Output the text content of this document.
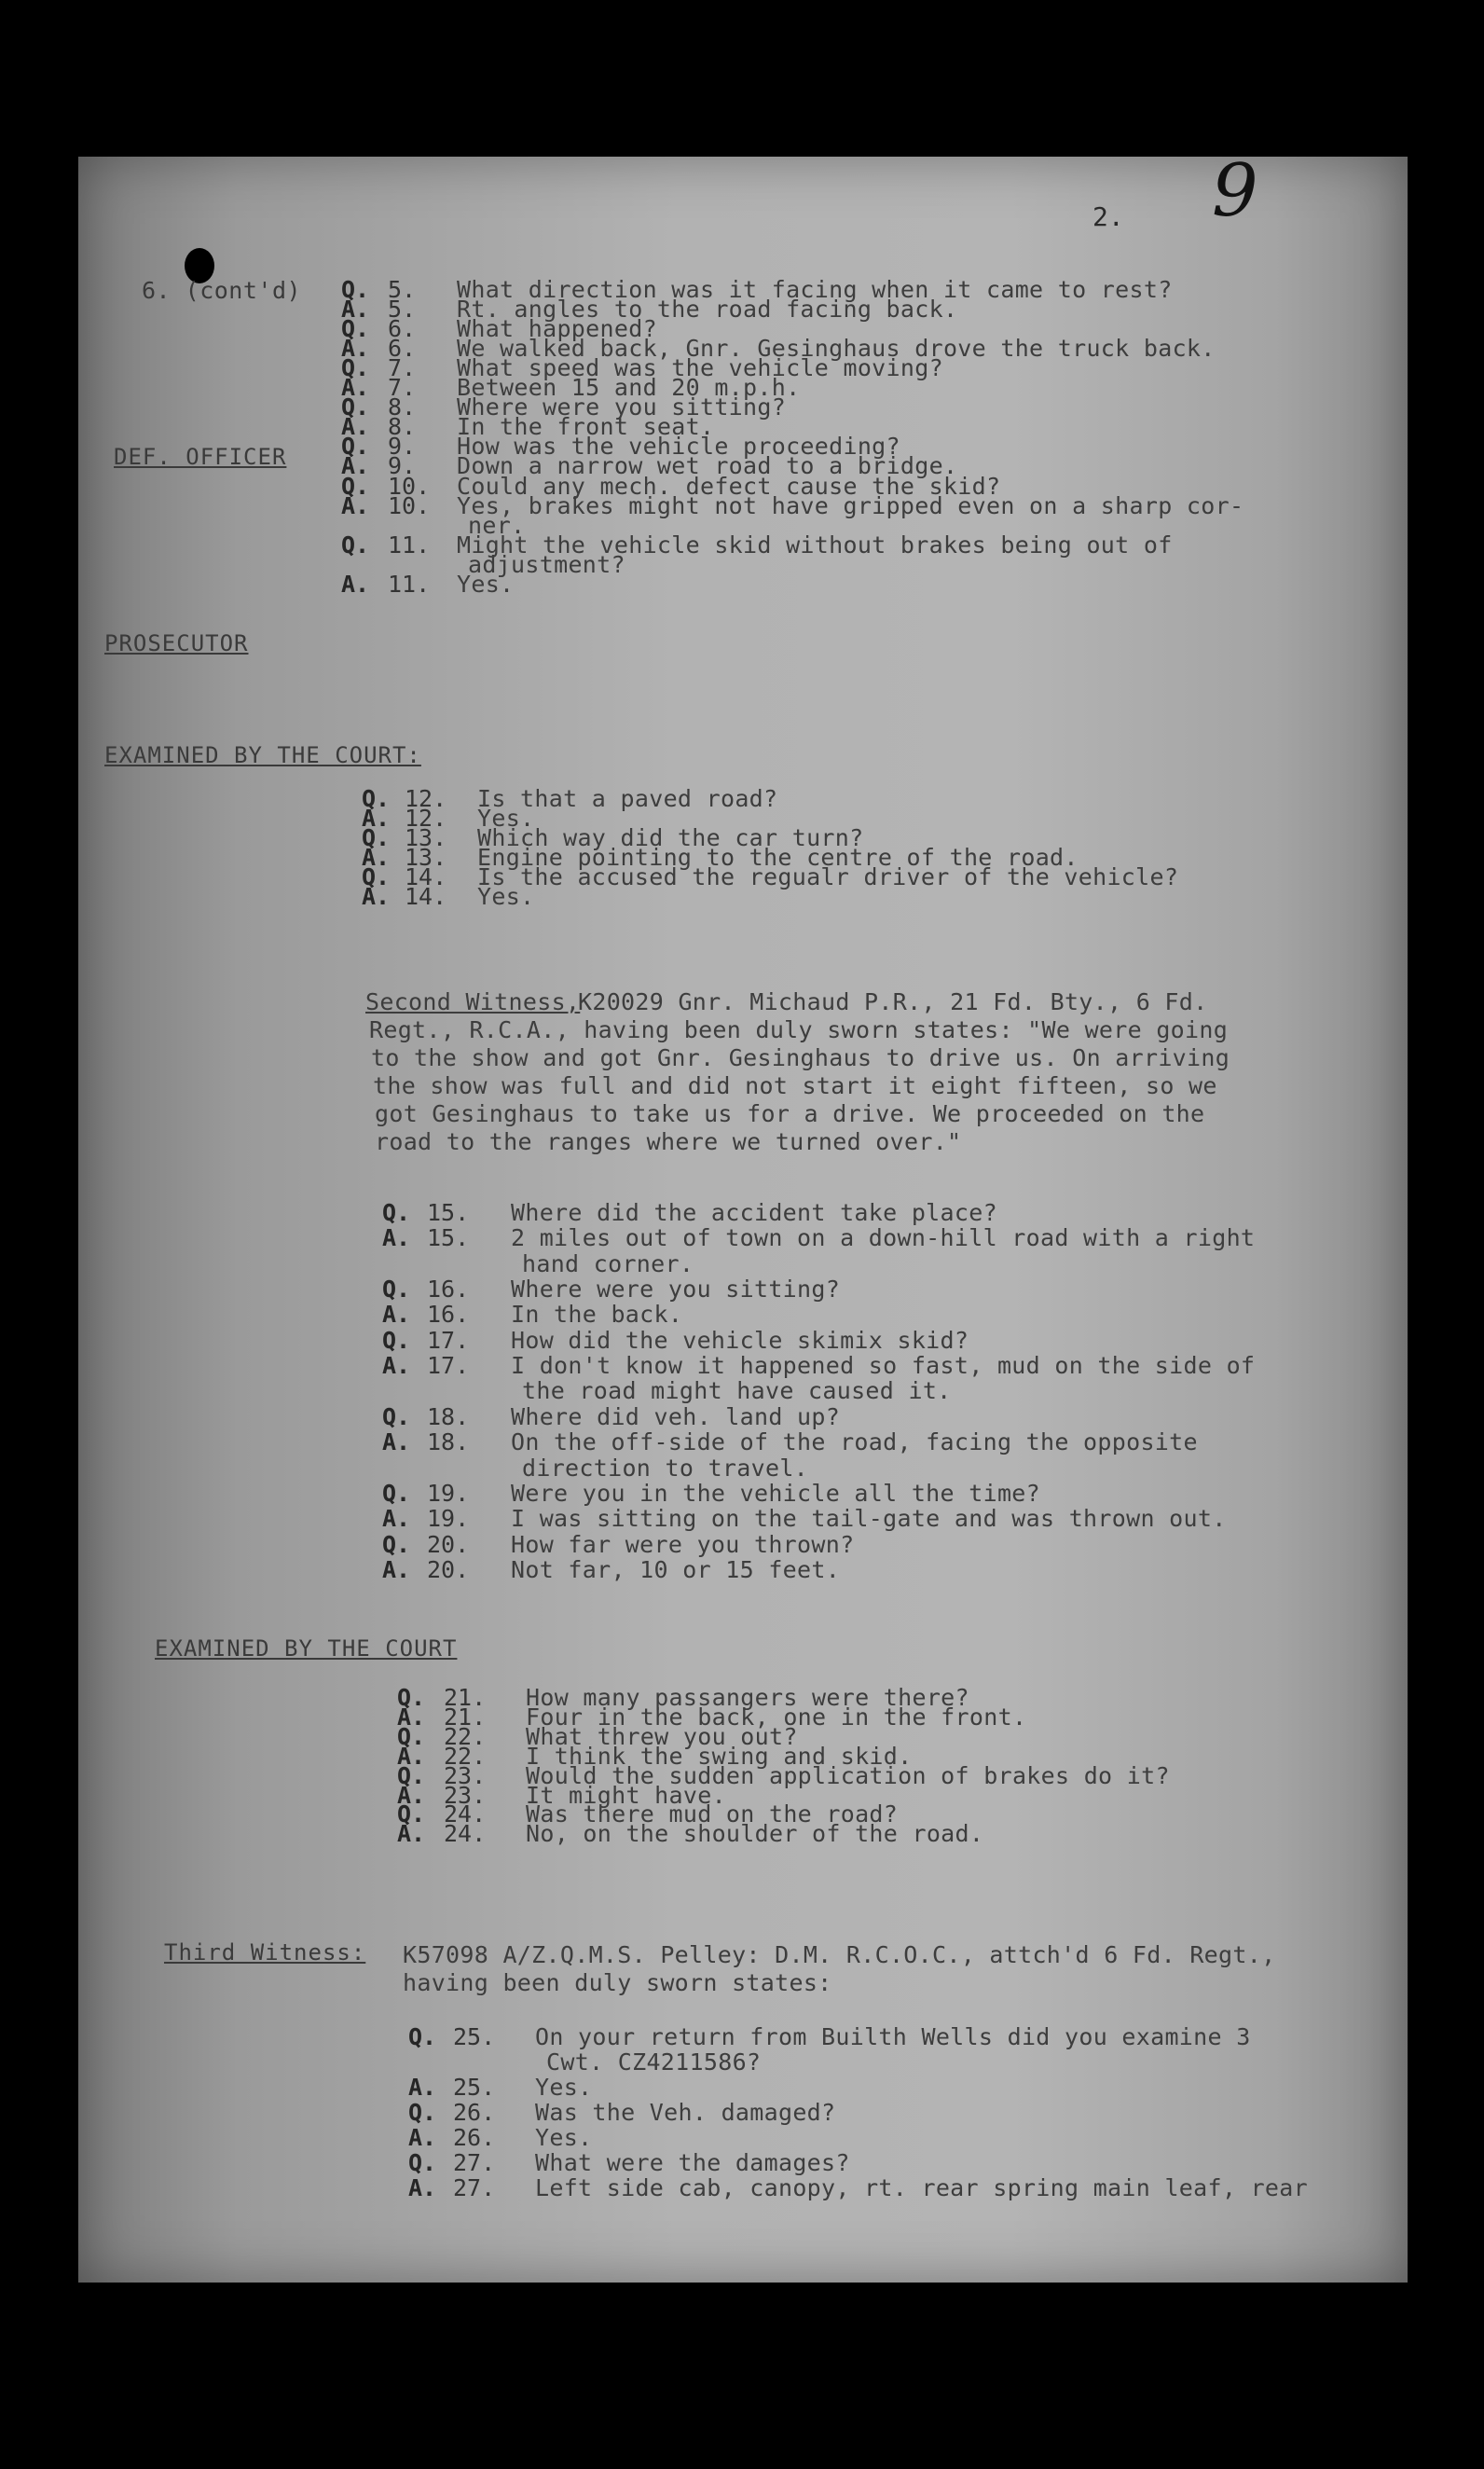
2. 9
6. (cont'd)
DEF. OFFICER
PROSECUTOR
EXAMINED BY THE COURT:
EXAMINED BY THE COURT
Third Witness:
Second Witness,
K20029 Gnr. Michaud P.R., 21 Fd. Bty., 6 Fd.
Regt., R.C.A., having been duly sworn states: "We were going
to the show and got Gnr. Gesinghaus to drive us. On arriving
the show was full and did not start it eight fifteen, so we
got Gesinghaus to take us for a drive. We proceeded on the
road to the ranges where we turned over."
K57098 A/Z.Q.M.S. Pelley: D.M. R.C.O.C., attch'd 6 Fd. Regt.,
having been duly sworn states:
Q. 5. What direction was it facing when it came to rest?
A. 5. Rt. angles to the road facing back.
Q. 6. What happened?
A. 6. We walked back, Gnr. Gesinghaus drove the truck back.
Q. 7. What speed was the vehicle moving?
A. 7. Between 15 and 20 m.p.h.
Q. 8. Where were you sitting?
A. 8. In the front seat.
Q. 9. How was the vehicle proceeding?
A. 9. Down a narrow wet road to a bridge.
Q. 10. Could any mech. defect cause the skid?
A. 10. Yes, brakes might not have gripped even on a sharp cor-
ner.
Q. 11. Might the vehicle skid without brakes being out of
adjustment?
A. 11. Yes.
Q. 12. Is that a paved road?
A. 12. Yes.
Q. 13. Which way did the car turn?
A. 13. Engine pointing to the centre of the road.
Q. 14. Is the accused the regualr driver of the vehicle?
A. 14. Yes.
Q. 15. Where did the accident take place?
A. 15. 2 miles out of town on a down-hill road with a right
hand corner.
Q. 16. Where were you sitting?
A. 16. In the back.
Q. 17. How did the vehicle skimix skid?
A. 17. I don't know it happened so fast, mud on the side of
the road might have caused it.
Q. 18. Where did veh. land up?
A. 18. On the off-side of the road, facing the opposite
direction to travel.
Q. 19. Were you in the vehicle all the time?
A. 19. I was sitting on the tail-gate and was thrown out.
Q. 20. How far were you thrown?
A. 20. Not far, 10 or 15 feet.
Q. 21. How many passangers were there?
A. 21. Four in the back, one in the front.
Q. 22. What threw you out?
A. 22. I think the swing and skid.
Q. 23. Would the sudden application of brakes do it?
A. 23. It might have.
Q. 24. Was there mud on the road?
A. 24. No, on the shoulder of the road.
Q. 25. On your return from Builth Wells did you examine 3
Cwt. CZ4211586?
A. 25. Yes.
Q. 26. Was the Veh. damaged?
A. 26. Yes.
Q. 27. What were the damages?
A. 27. Left side cab, canopy, rt. rear spring main leaf, rear
